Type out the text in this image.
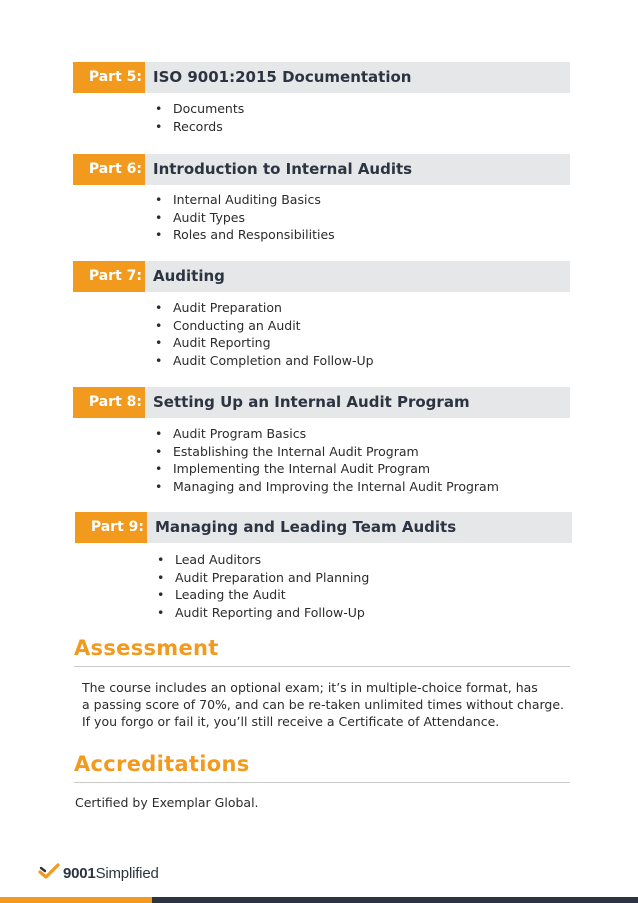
Part 5: ISO 9001:2015 Documentation
• Documents
• Records
Part 6: Introduction to Internal Audits
• Internal Auditing Basics
• Audit Types
• Roles and Responsibilities
Part 7: Auditing
• Audit Preparation
• Conducting an Audit
• Audit Reporting
• Audit Completion and Follow-Up
Part 8: Setting Up an Internal Audit Program
• Audit Program Basics
• Establishing the Internal Audit Program
• Implementing the Internal Audit Program
• Managing and Improving the Internal Audit Program
Part 9: Managing and Leading Team Audits
• Lead Auditors
• Audit Preparation and Planning
• Leading the Audit
• Audit Reporting and Follow-Up
Assessment
The course includes an optional exam; it’s in multiple-choice format, has
a passing score of 70%, and can be re-taken unlimited times without charge.
If you forgo or fail it, you’ll still receive a Certificate of Attendance.
Accreditations
Certified by Exemplar Global.
9001Simplified
